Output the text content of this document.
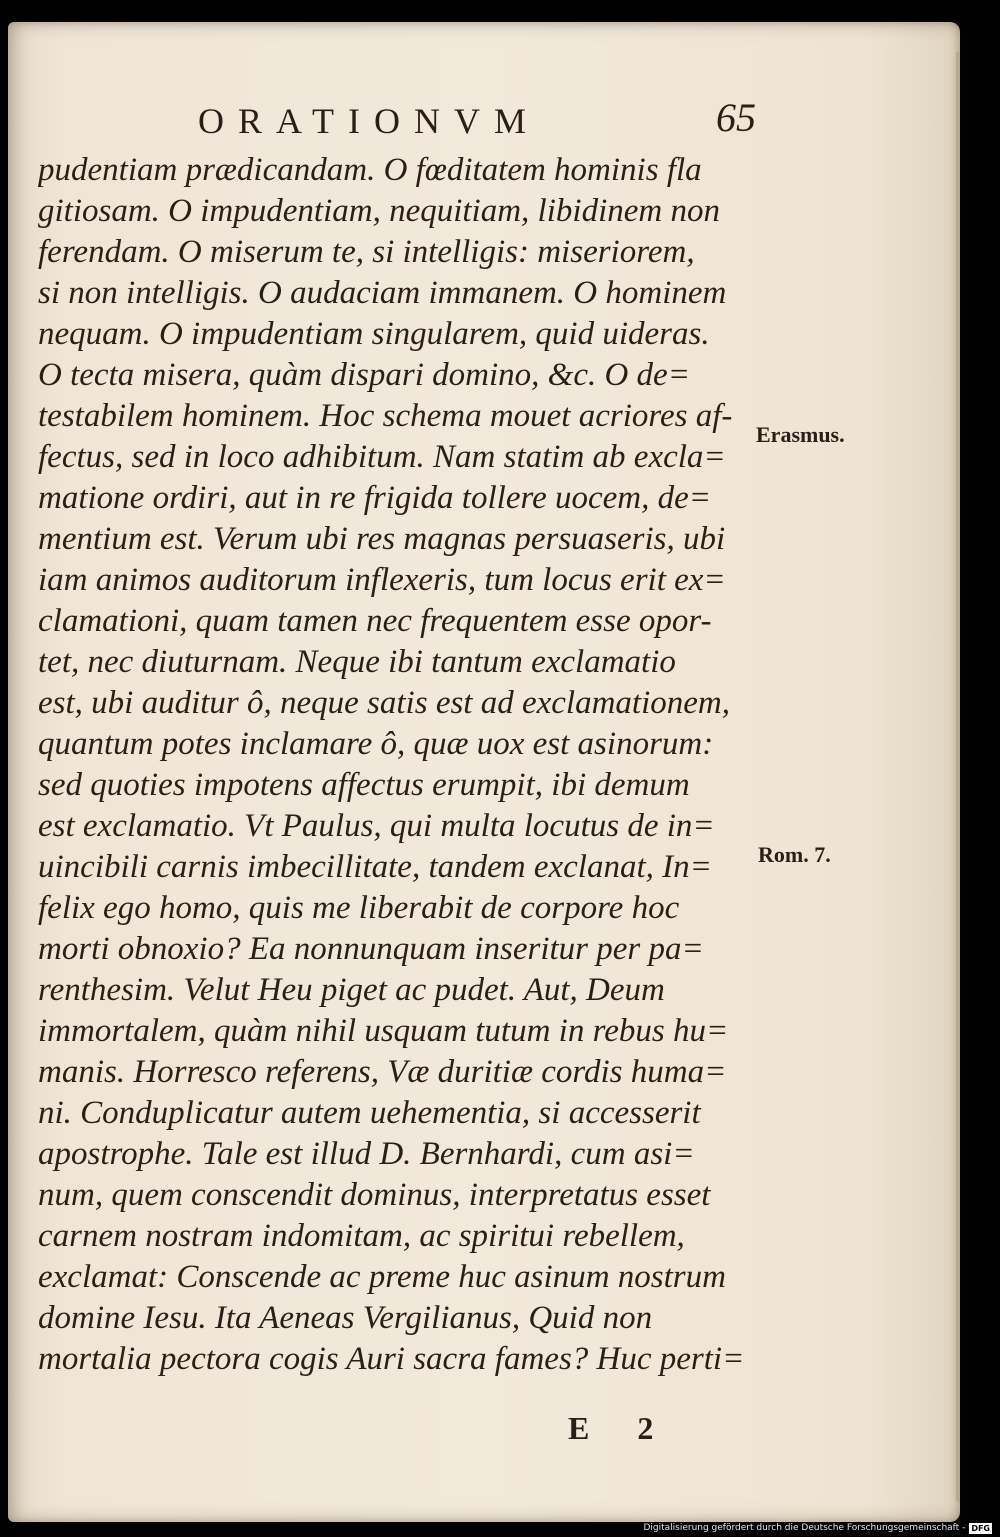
ORATIONVM	65
pudentiam prædicandam. O fœditatem hominis fla
gitiosam. O impudentiam, nequitiam, libidinem non
ferendam. O miserum te, si intelligis: miseriorem,
si non intelligis. O audaciam immanem. O hominem
nequam. O impudentiam singularem, quid uideras.
O tecta misera, quàm dispari domino, &c. O de=
testabilem hominem. Hoc schema mouet acriores af-
fectus, sed in loco adhibitum. Nam statim ab excla=
matione ordiri, aut in re frigida tollere uocem, de=
mentium est. Verum ubi res magnas persuaseris, ubi
iam animos auditorum inflexeris, tum locus erit ex=
clamationi, quam tamen nec frequentem esse opor-
tet, nec diuturnam. Neque ibi tantum exclamatio
est, ubi auditur ô, neque satis est ad exclamationem,
quantum potes inclamare ô, quæ uox est asinorum:
sed quoties impotens affectus erumpit, ibi demum
est exclamatio. Vt Paulus, qui multa locutus de in=
uincibili carnis imbecillitate, tandem exclanat, In=
felix ego homo, quis me liberabit de corpore hoc
morti obnoxio? Ea nonnunquam inseritur per pa=
renthesim. Velut Heu piget ac pudet. Aut, Deum
immortalem, quàm nihil usquam tutum in rebus hu=
manis. Horresco referens, Væ duritiæ cordis huma=
ni. Conduplicatur autem uehementia, si accesserit
apostrophe. Tale est illud D. Bernhardi, cum asi=
num, quem conscendit dominus, interpretatus esset
carnem nostram indomitam, ac spiritui rebellem,
exclamat: Conscende ac preme huc asinum nostrum
domine Iesu. Ita Aeneas Vergilianus, Quid non
mortalia pectora cogis Auri sacra fames? Huc perti=
Erasmus.
Rom. 7.
E 2
Digitalisierung gefördert durch die Deutsche Forschungsgemeinschaft - DFG
